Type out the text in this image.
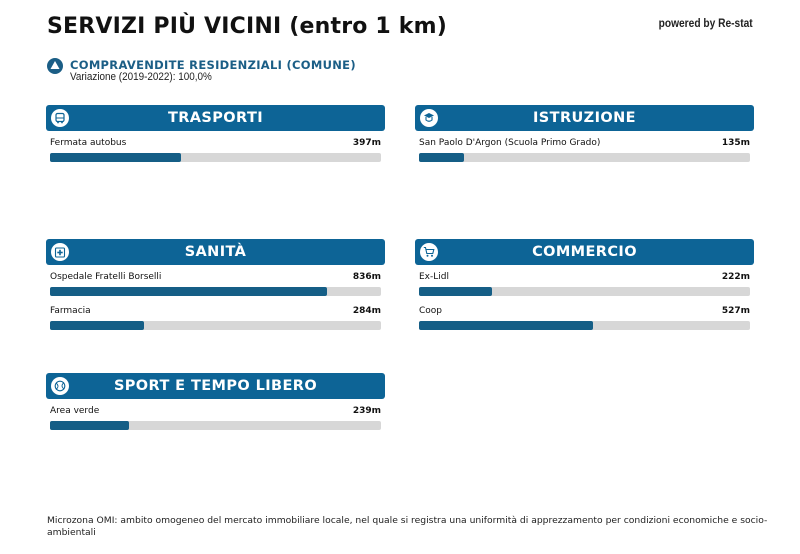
SERVIZI PIÙ VICINI (entro 1 km)	powered by Re-stat
COMPRAVENDITE RESIDENZIALI (COMUNE)
Variazione (2019-2022): 100,0%
TRASPORTI
Fermata autobus	397m
ISTRUZIONE
San Paolo D'Argon (Scuola Primo Grado)	135m
SANITÀ
Ospedale Fratelli Borselli	836m
Farmacia	284m
COMMERCIO
Ex-Lidl	222m
Coop	527m
SPORT E TEMPO LIBERO
Area verde	239m
Microzona OMI: ambito omogeneo del mercato immobiliare locale, nel quale si registra una uniformità di apprezzamento per condizioni economiche e socio-ambientali
